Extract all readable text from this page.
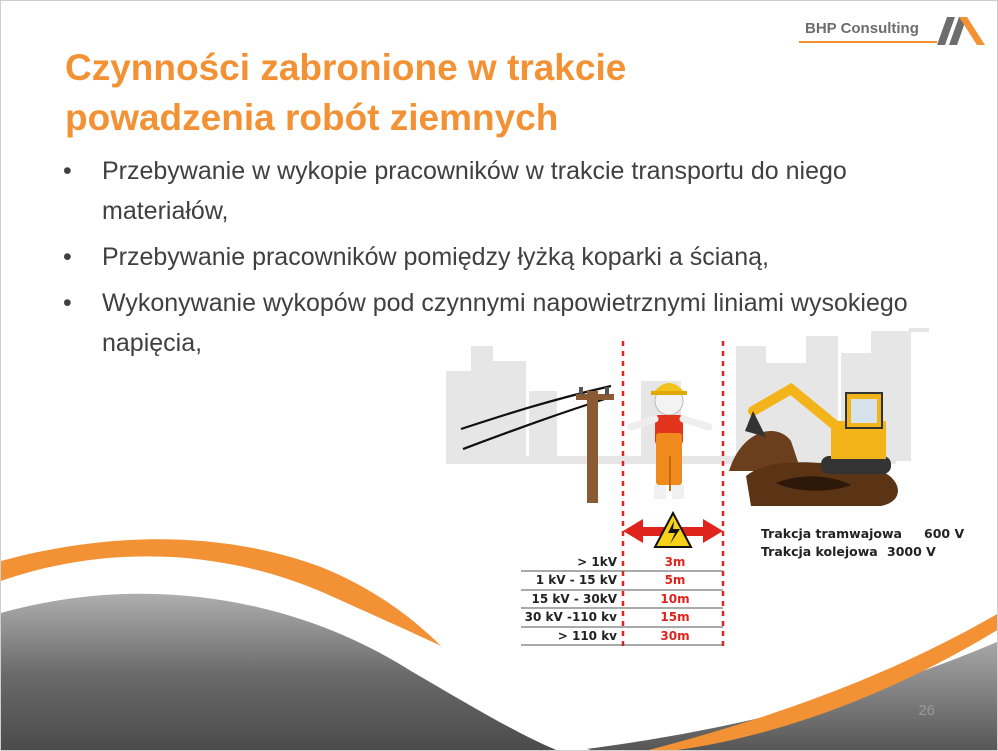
BHP Consulting
Czynności zabronione w trakcie
powadzenia robót ziemnych
• Przebywanie w wykopie pracowników w trakcie transportu do niego materiałów,
• Przebywanie pracowników pomiędzy łyżką koparki a ścianą,
• Wykonywanie wykopów pod czynnymi napowietrznymi liniami wysokiego napięcia,
> 1kV	3m
1 kV - 15 kV	5m
15 kV - 30kV	10m
30 kV -110 kv	15m
> 110 kv	30m
Trakcja tramwajowa 600 V
Trakcja kolejowa 3000 V
26
